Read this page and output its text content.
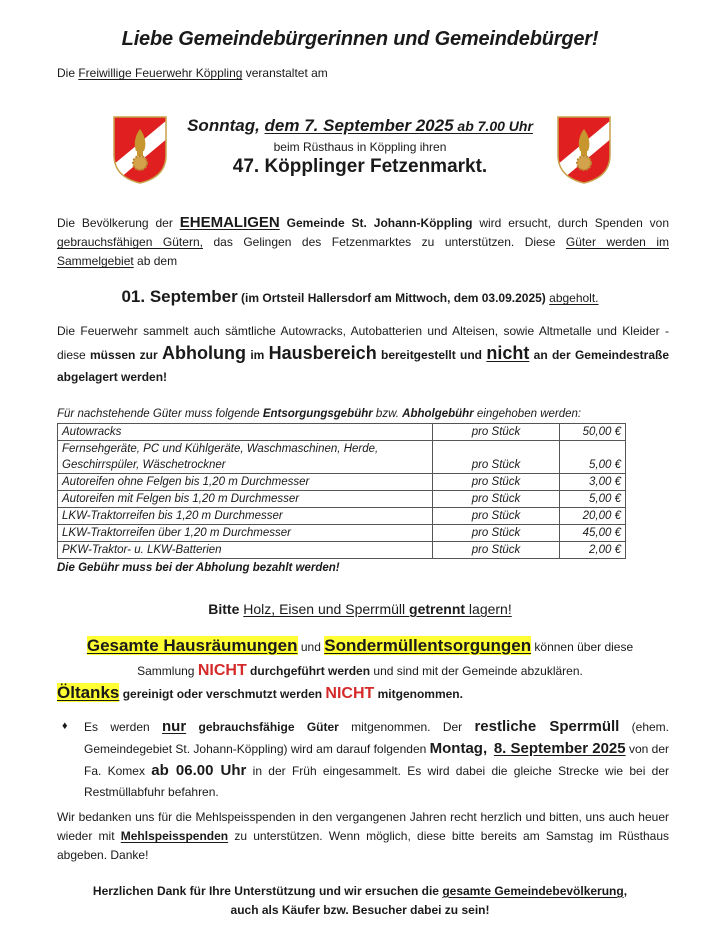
Liebe Gemeindebürgerinnen und Gemeindebürger!
Die Freiwillige Feuerwehr Köppling veranstaltet am
Sonntag, dem 7. September 2025 ab 7.00 Uhr
beim Rüsthaus in Köppling ihren
47. Köpplinger Fetzenmarkt.
Die Bevölkerung der EHEMALIGEN Gemeinde St. Johann-Köppling wird ersucht, durch Spenden von gebrauchsfähigen Gütern, das Gelingen des Fetzenmarktes zu unterstützen. Diese Güter werden im Sammelgebiet ab dem
01. September (im Ortsteil Hallersdorf am Mittwoch, dem 03.09.2025) abgeholt.
Die Feuerwehr sammelt auch sämtliche Autowracks, Autobatterien und Alteisen, sowie Altmetalle und Kleider - diese müssen zur Abholung im Hausbereich bereitgestellt und nicht an der Gemeindestraße abgelagert werden!
Für nachstehende Güter muss folgende Entsorgungsgebühr bzw. Abholgebühr eingehoben werden:
Autowracks	pro Stück	50,00 €

Fernsehgeräte, PC und Kühlgeräte, Waschmaschinen, Herde,
Geschirrspüler, Wäschetrockner	pro Stück	5,00 €
Autoreifen ohne Felgen bis 1,20 m Durchmesser	pro Stück	3,00 €
Autoreifen mit Felgen bis 1,20 m Durchmesser	pro Stück	5,00 €
LKW-Traktorreifen bis 1,20 m Durchmesser	pro Stück	20,00 €
LKW-Traktorreifen über 1,20 m Durchmesser	pro Stück	45,00 €
PKW-Traktor- u. LKW-Batterien	pro Stück	2,00 €
Die Gebühr muss bei der Abholung bezahlt werden!
Bitte Holz, Eisen und Sperrmüll getrennt lagern!
Gesamte Hausräumungen und Sondermüllentsorgungen können über diese
Sammlung NICHT durchgeführt werden und sind mit der Gemeinde abzuklären.
Öltanks gereinigt oder verschmutzt werden NICHT mitgenommen.
♦ Es werden nur gebrauchsfähige Güter mitgenommen. Der restliche Sperrmüll (ehem. Gemeindegebiet St. Johann-Köppling) wird am darauf folgenden Montag, 8. September 2025 von der Fa. Komex ab 06.00 Uhr in der Früh eingesammelt. Es wird dabei die gleiche Strecke wie bei der Restmüllabfuhr befahren.
Wir bedanken uns für die Mehlspeisspenden in den vergangenen Jahren recht herzlich und bitten, uns auch heuer wieder mit Mehlspeisspenden zu unterstützen. Wenn möglich, diese bitte bereits am Samstag im Rüsthaus abgeben. Danke!
Herzlichen Dank für Ihre Unterstützung und wir ersuchen die gesamte Gemeindebevölkerung,
auch als Käufer bzw. Besucher dabei zu sein!
